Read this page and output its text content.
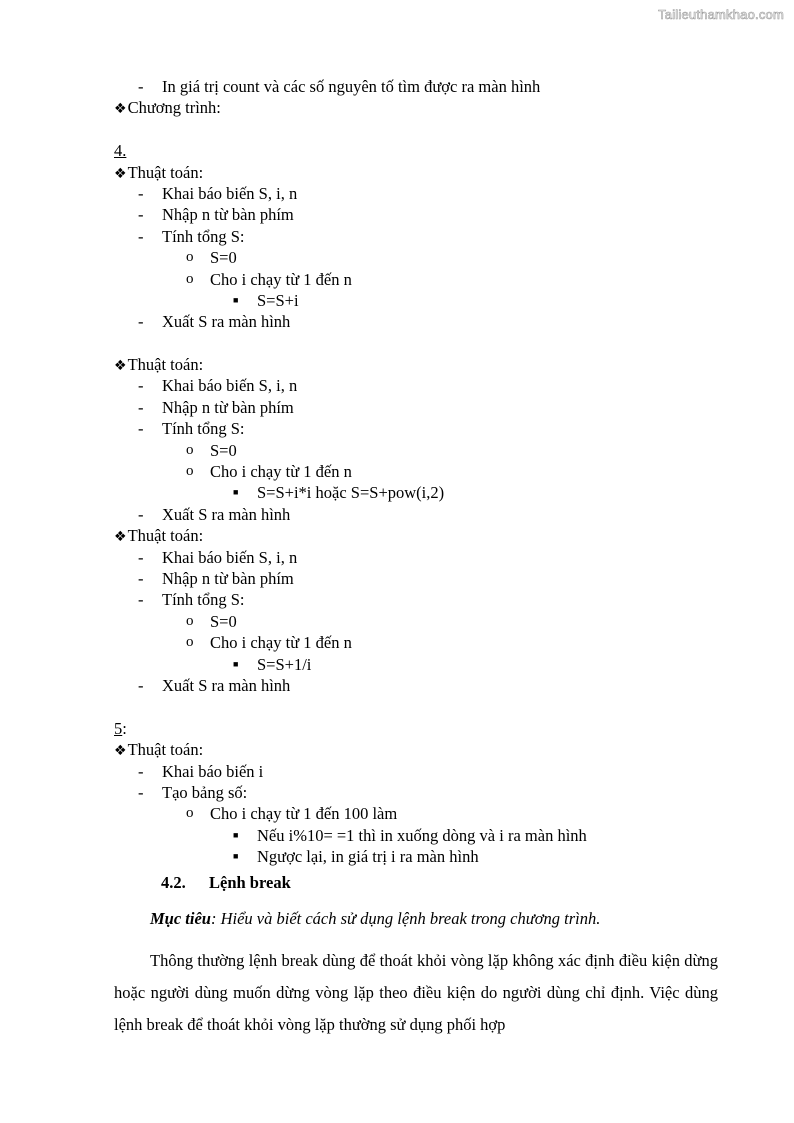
Tailieuthamkhao.com
- In giá trị count và các số nguyên tố tìm được ra màn hình
❖Chương trình:
4.
❖Thuật toán:
- Khai báo biến S, i, n
- Nhập n từ bàn phím
- Tính tổng S:
o S=0
o Cho i chạy từ 1 đến n
■ S=S+i
- Xuất S ra màn hình
❖Thuật toán:
- Khai báo biến S, i, n
- Nhập n từ bàn phím
- Tính tổng S:
o S=0
o Cho i chạy từ 1 đến n
■ S=S+i*i hoặc S=S+pow(i,2)
- Xuất S ra màn hình
❖Thuật toán:
- Khai báo biến S, i, n
- Nhập n từ bàn phím
- Tính tổng S:
o S=0
o Cho i chạy từ 1 đến n
■ S=S+1/i
- Xuất S ra màn hình
5:
❖Thuật toán:
- Khai báo biến i
- Tạo bảng số:
o Cho i chạy từ 1 đến 100 làm
■ Nếu i%10= =1 thì in xuống dòng và i ra màn hình
■ Ngược lại, in giá trị i ra màn hình
4.2. Lệnh break
Mục tiêu: Hiểu và biết cách sử dụng lệnh break trong chương trình.
Thông thường lệnh break dùng để thoát khỏi vòng lặp không xác định điều kiện dừng hoặc người dùng muốn dừng vòng lặp theo điều kiện do người dùng chỉ định. Việc dùng lệnh break để thoát khỏi vòng lặp thường sử dụng phối hợp
